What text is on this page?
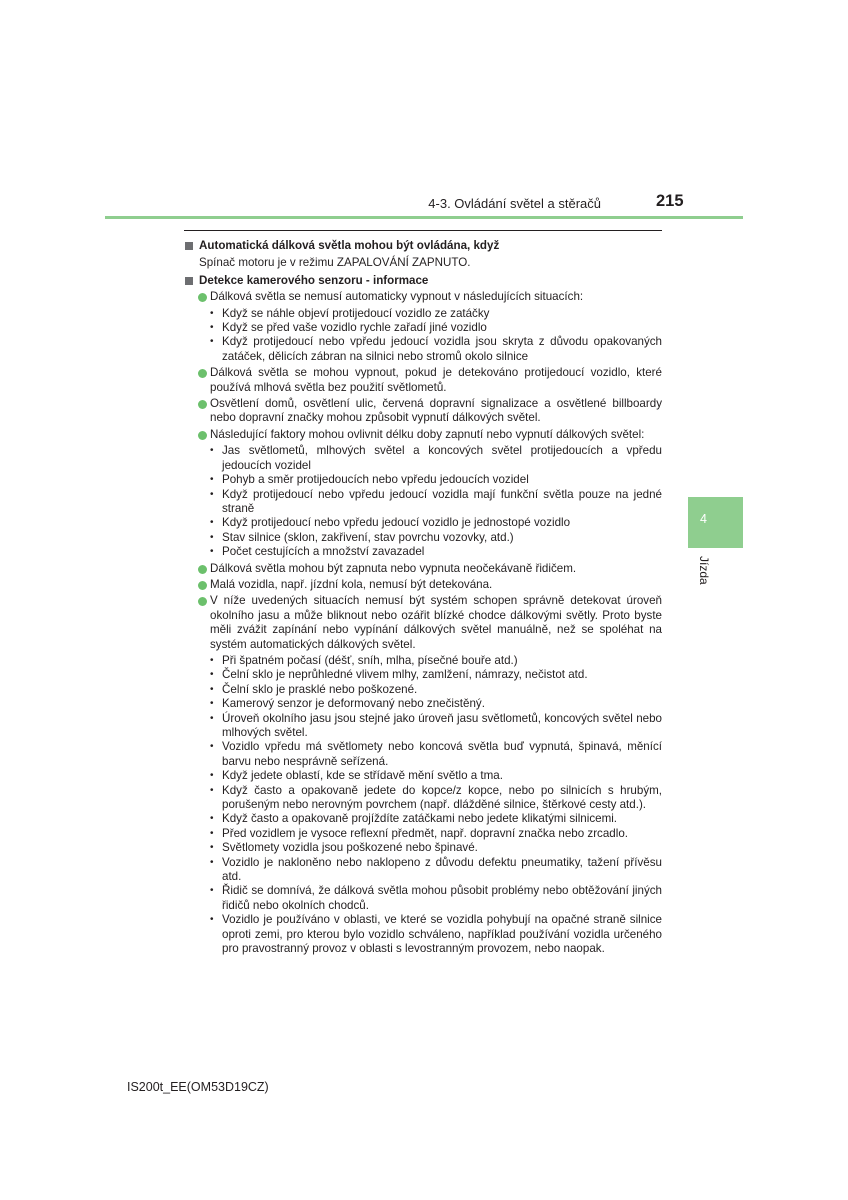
4-3. Ovládání světel a stěračů	215
4
Jízda
Automatická dálková světla mohou být ovládána, když
Spínač motoru je v režimu ZAPALOVÁNÍ ZAPNUTO.
Detekce kamerového senzoru - informace
Dálková světla se nemusí automaticky vypnout v následujících situacích:
• Když se náhle objeví protijedoucí vozidlo ze zatáčky
• Když se před vaše vozidlo rychle zařadí jiné vozidlo
• Když protijedoucí nebo vpředu jedoucí vozidla jsou skryta z důvodu opakovaných zatáček, dělicích zábran na silnici nebo stromů okolo silnice
Dálková světla se mohou vypnout, pokud je detekováno protijedoucí vozidlo, které používá mlhová světla bez použití světlometů.
Osvětlení domů, osvětlení ulic, červená dopravní signalizace a osvětlené billboardy nebo dopravní značky mohou způsobit vypnutí dálkových světel.
Následující faktory mohou ovlivnit délku doby zapnutí nebo vypnutí dálkových světel:
• Jas světlometů, mlhových světel a koncových světel protijedoucích a vpředu jedoucích vozidel
• Pohyb a směr protijedoucích nebo vpředu jedoucích vozidel
• Když protijedoucí nebo vpředu jedoucí vozidla mají funkční světla pouze na jedné straně
• Když protijedoucí nebo vpředu jedoucí vozidlo je jednostopé vozidlo
• Stav silnice (sklon, zakřivení, stav povrchu vozovky, atd.)
• Počet cestujících a množství zavazadel
Dálková světla mohou být zapnuta nebo vypnuta neočekávaně řidičem.
Malá vozidla, např. jízdní kola, nemusí být detekována.
V níže uvedených situacích nemusí být systém schopen správně detekovat úroveň okolního jasu a může bliknout nebo ozářit blízké chodce dálkovými světly. Proto byste měli zvážit zapínání nebo vypínání dálkových světel manuálně, než se spoléhat na systém automatických dálkových světel.
• Při špatném počasí (déšť, sníh, mlha, písečné bouře atd.)
• Čelní sklo je neprůhledné vlivem mlhy, zamlžení, námrazy, nečistot atd.
• Čelní sklo je prasklé nebo poškozené.
• Kamerový senzor je deformovaný nebo znečistěný.
• Úroveň okolního jasu jsou stejné jako úroveň jasu světlometů, koncových světel nebo mlhových světel.
• Vozidlo vpředu má světlomety nebo koncová světla buď vypnutá, špinavá, měnící barvu nebo nesprávně seřízená.
• Když jedete oblastí, kde se střídavě mění světlo a tma.
• Když často a opakovaně jedete do kopce/z kopce, nebo po silnicích s hrubým, porušeným nebo nerovným povrchem (např. dlážděné silnice, štěrkové cesty atd.).
• Když často a opakovaně projíždíte zatáčkami nebo jedete klikatými silnicemi.
• Před vozidlem je vysoce reflexní předmět, např. dopravní značka nebo zrcadlo.
• Světlomety vozidla jsou poškozené nebo špinavé.
• Vozidlo je nakloněno nebo naklopeno z důvodu defektu pneumatiky, tažení přívěsu atd.
• Řidič se domnívá, že dálková světla mohou působit problémy nebo obtěžování jiných řidičů nebo okolních chodců.
• Vozidlo je používáno v oblasti, ve které se vozidla pohybují na opačné straně silnice oproti zemi, pro kterou bylo vozidlo schváleno, například používání vozidla určeného pro pravostranný provoz v oblasti s levostranným provozem, nebo naopak.
IS200t_EE(OM53D19CZ)
